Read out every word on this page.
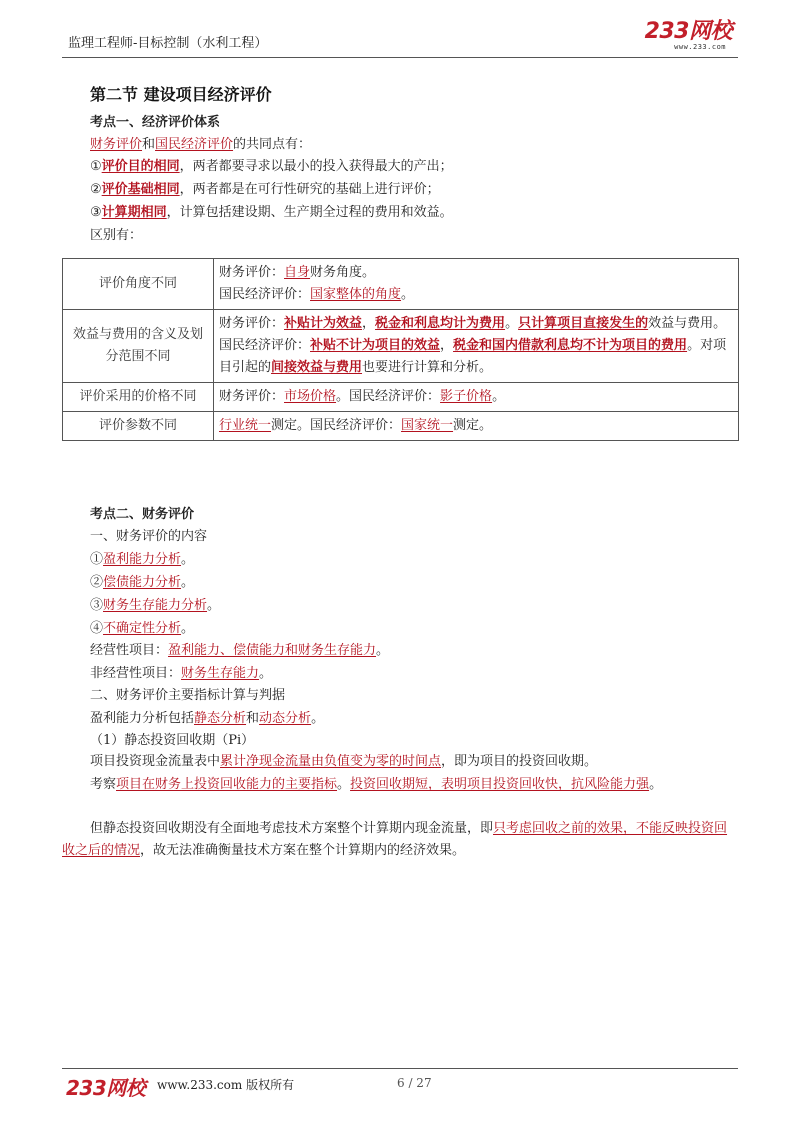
监理工程师-目标控制（水利工程）	233网校
www.233.com
第二节 建设项目经济评价
考点一、经济评价体系
财务评价和国民经济评价的共同点有：
①评价目的相同，两者都要寻求以最小的投入获得最大的产出；
②评价基础相同，两者都是在可行性研究的基础上进行评价；
③计算期相同，计算包括建设期、生产期全过程的费用和效益。
区别有：
评价角度不同	财务评价：自身财务角度。
国民经济评价：国家整体的角度。

效益与费用的含义及划分范围不同	财务评价：补贴计为效益，税金和利息均计为费用。只计算项目直接发生的效益与费用。
国民经济评价：补贴不计为项目的效益，税金和国内借款利息均不计为项目的费用。对项目引起的间接效益与费用也要进行计算和分析。

评价采用的价格不同	财务评价：市场价格。国民经济评价：影子价格。

评价参数不同	行业统一测定。国民经济评价：国家统一测定。
考点二、财务评价
一、财务评价的内容
①盈利能力分析。
②偿债能力分析。
③财务生存能力分析。
④不确定性分析。
经营性项目：盈利能力、偿债能力和财务生存能力。
非经营性项目：财务生存能力。
二、财务评价主要指标计算与判据
盈利能力分析包括静态分析和动态分析。
（1）静态投资回收期（Pi）
项目投资现金流量表中累计净现金流量由负值变为零的时间点，即为项目的投资回收期。
考察项目在财务上投资回收能力的主要指标。投资回收期短，表明项目投资回收快，抗风险能力强。
但静态投资回收期没有全面地考虑技术方案整个计算期内现金流量，即只考虑回收之前的效果，不能反映投资回收之后的情况，故无法准确衡量技术方案在整个计算期内的经济效果。
233网校 www.233.com 版权所有	6 / 27
